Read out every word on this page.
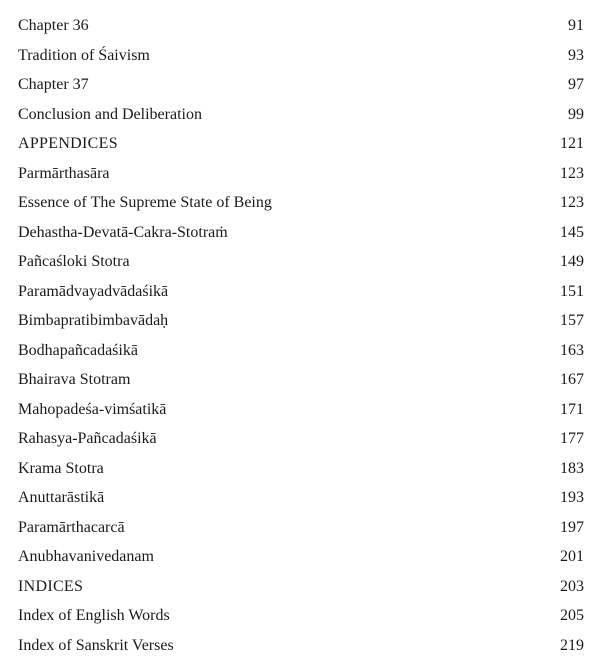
Chapter 36	91
Tradition of Śaivism	93
Chapter 37	97
Conclusion and Deliberation	99
APPENDICES	121
Parmārthasāra	123
Essence of The Supreme State of Being	123
Dehastha-Devatā-Cakra-Stotraṁ	145
Pañcaśloki Stotra	149
Paramādvayadvādaśikā	151
Bimbapratibimbavādaḥ	157
Bodhapañcadaśikā	163
Bhairava Stotram	167
Mahopadeśa-vimśatikā	171
Rahasya-Pañcadaśikā	177
Krama Stotra	183
Anuttarāstikā	193
Paramārthacarcā	197
Anubhavanivedanam	201
INDICES	203
Index of English Words	205
Index of Sanskrit Verses	219
